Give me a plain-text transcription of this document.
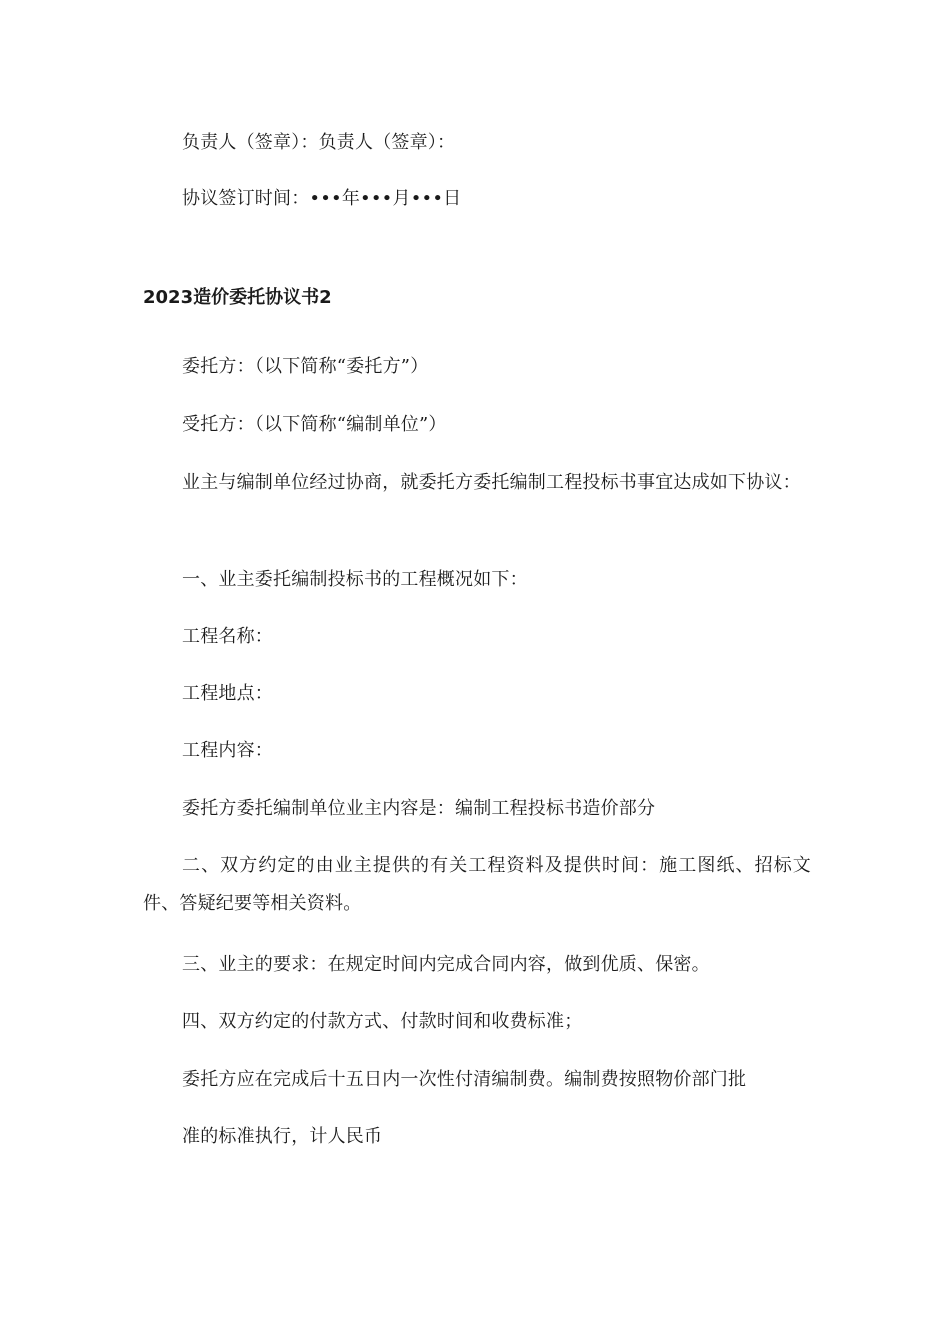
负责人（签章）：负责人（签章）：
协议签订时间：•••年•••月•••日
2023造价委托协议书2
委托方：（以下简称“委托方”）
受托方：（以下简称“编制单位”）
业主与编制单位经过协商，就委托方委托编制工程投标书事宜达成如下协议：
一、业主委托编制投标书的工程概况如下：
工程名称：
工程地点：
工程内容：
委托方委托编制单位业主内容是：编制工程投标书造价部分
二、双方约定的由业主提供的有关工程资料及提供时间：施工图纸、招标文件、答疑纪要等相关资料。
三、业主的要求：在规定时间内完成合同内容，做到优质、保密。
四、双方约定的付款方式、付款时间和收费标准；
委托方应在完成后十五日内一次性付清编制费。编制费按照物价部门批
准的标准执行，计人民币
